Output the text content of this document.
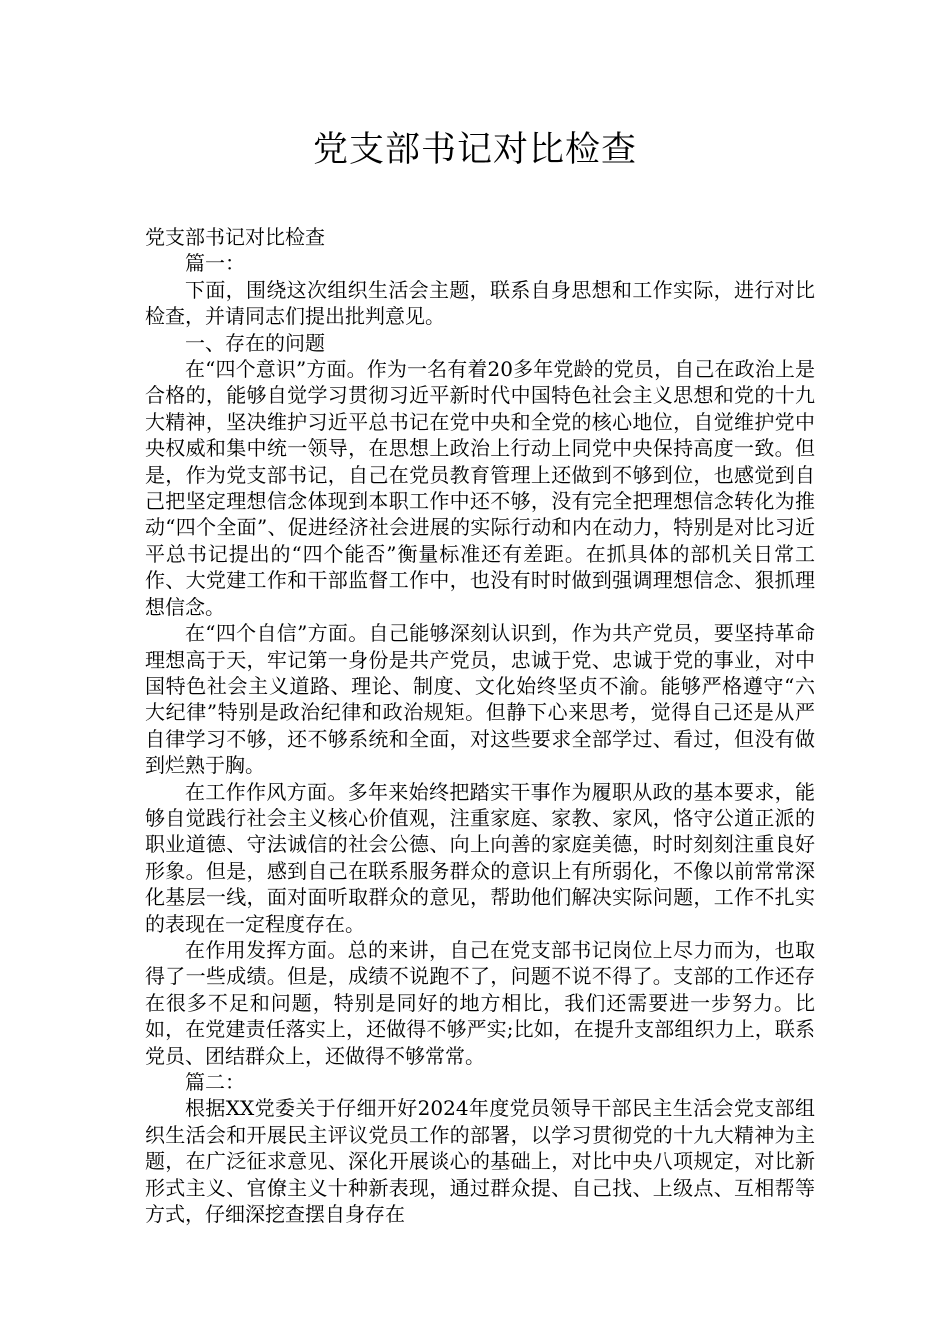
党支部书记对比检查

党支部书记对比检查

篇一：

下面，围绕这次组织生活会主题，联系自身思想和工作实际，进行对比检查，并请同志们提出批判意见。

一、存在的问题

在“四个意识”方面。作为一名有着20多年党龄的党员，自己在政治上是合格的，能够自觉学习贯彻习近平新时代中国特色社会主义思想和党的十九大精神，坚决维护习近平总书记在党中央和全党的核心地位，自觉维护党中央权威和集中统一领导，在思想上政治上行动上同党中央保持高度一致。但是，作为党支部书记，自己在党员教育管理上还做到不够到位，也感觉到自己把坚定理想信念体现到本职工作中还不够，没有完全把理想信念转化为推动“四个全面”、促进经济社会进展的实际行动和内在动力，特别是对比习近平总书记提出的“四个能否”衡量标准还有差距。在抓具体的部机关日常工作、大党建工作和干部监督工作中，也没有时时做到强调理想信念、狠抓理想信念。

在“四个自信”方面。自己能够深刻认识到，作为共产党员，要坚持革命理想高于天，牢记第一身份是共产党员，忠诚于党、忠诚于党的事业，对中国特色社会主义道路、理论、制度、文化始终坚贞不渝。能够严格遵守“六大纪律”特别是政治纪律和政治规矩。但静下心来思考，觉得自己还是从严自律学习不够，还不够系统和全面，对这些要求全部学过、看过，但没有做到烂熟于胸。

在工作作风方面。多年来始终把踏实干事作为履职从政的基本要求，能够自觉践行社会主义核心价值观，注重家庭、家教、家风，恪守公道正派的职业道德、守法诚信的社会公德、向上向善的家庭美德，时时刻刻注重良好形象。但是，感到自己在联系服务群众的意识上有所弱化，不像以前常常深化基层一线，面对面听取群众的意见，帮助他们解决实际问题，工作不扎实的表现在一定程度存在。

在作用发挥方面。总的来讲，自己在党支部书记岗位上尽力而为，也取得了一些成绩。但是，成绩不说跑不了，问题不说不得了。支部的工作还存在很多不足和问题，特别是同好的地方相比，我们还需要进一步努力。比如，在党建责任落实上，还做得不够严实;比如，在提升支部组织力上，联系党员、团结群众上，还做得不够常常。

篇二：

根据XX党委关于仔细开好2024年度党员领导干部民主生活会党支部组织生活会和开展民主评议党员工作的部署，以学习贯彻党的十九大精神为主题，在广泛征求意见、深化开展谈心的基础上，对比中央八项规定，对比新形式主义、官僚主义十种新表现，通过群众提、自己找、上级点、互相帮等方式，仔细深挖查摆自身存在
